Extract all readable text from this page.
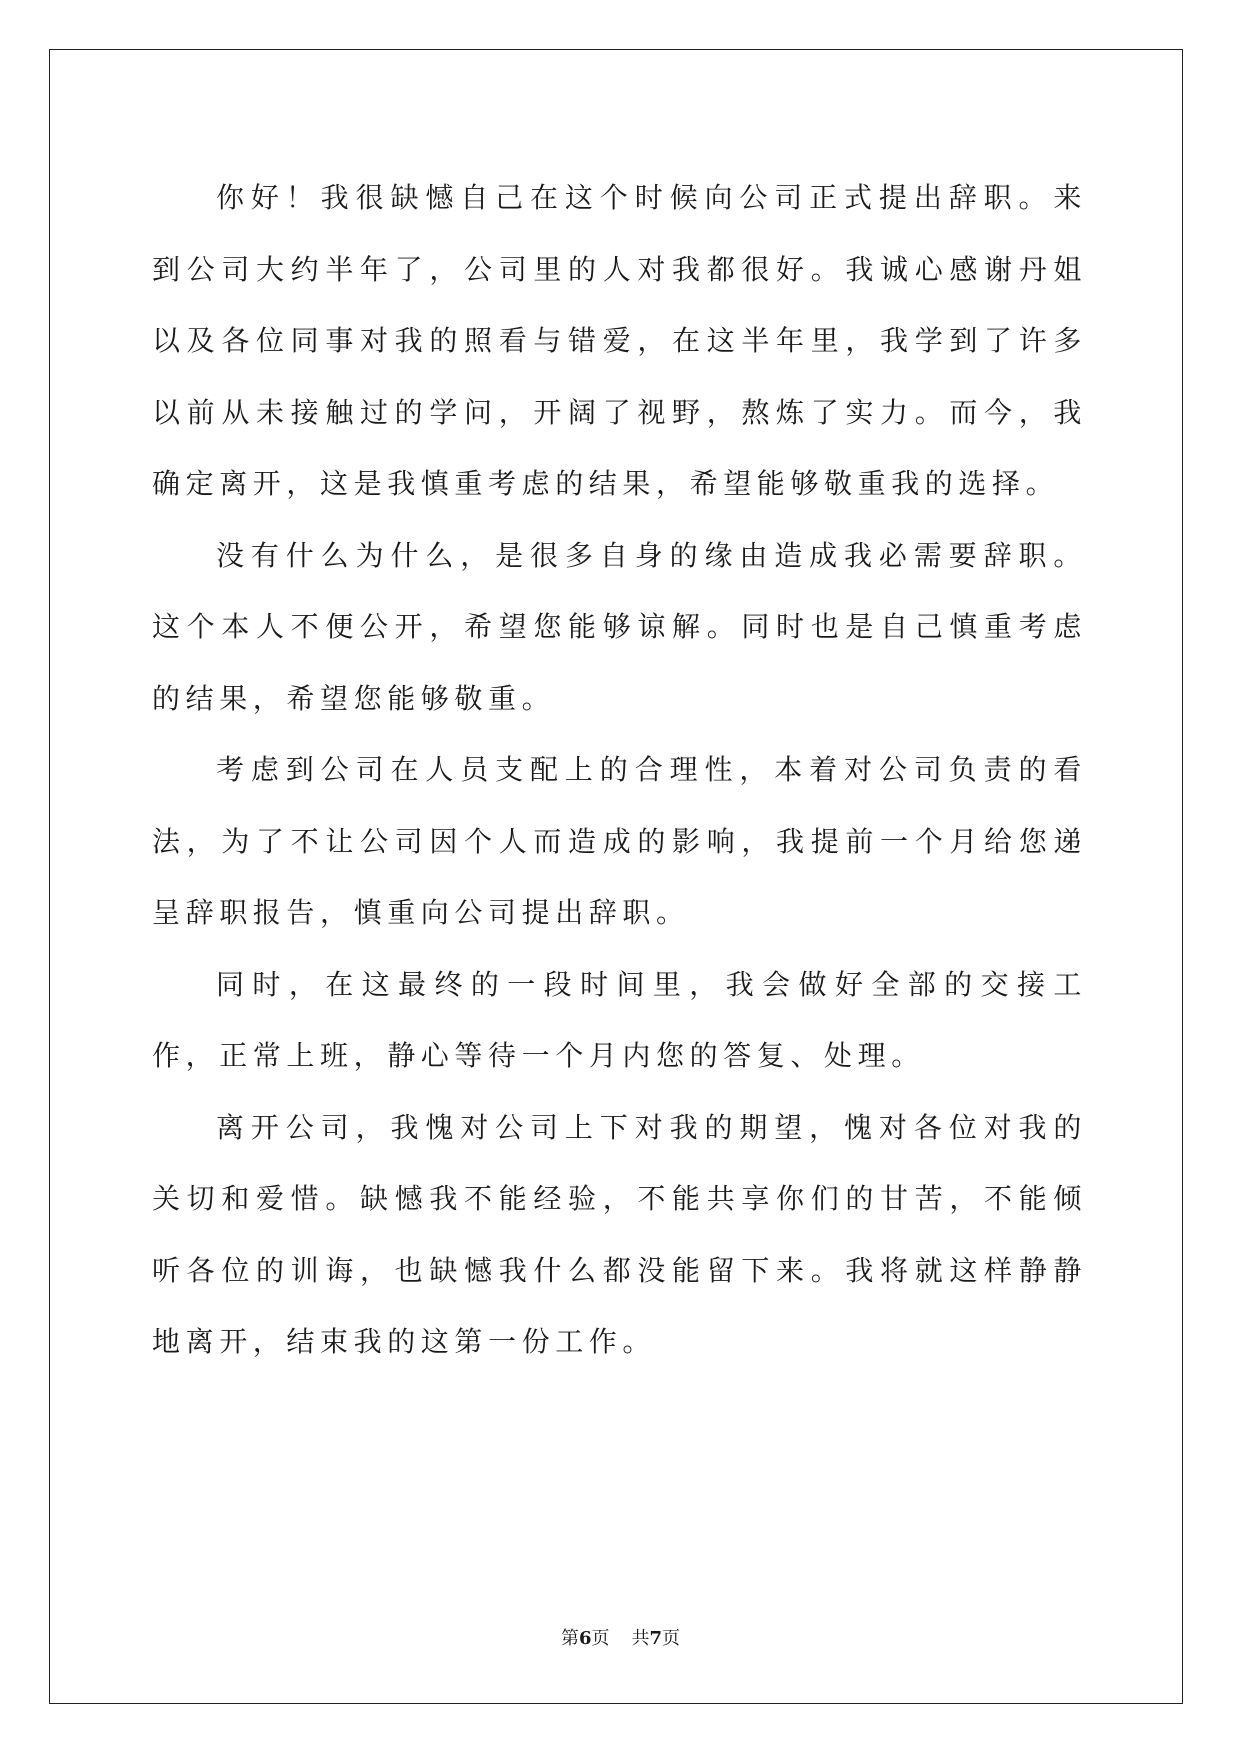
你好！我很缺憾自己在这个时候向公司正式提出辞职。来到公司大约半年了，公司里的人对我都很好。我诚心感谢丹姐以及各位同事对我的照看与错爱，在这半年里，我学到了许多以前从未接触过的学问，开阔了视野，熬炼了实力。而今，我确定离开，这是我慎重考虑的结果，希望能够敬重我的选择。

没有什么为什么，是很多自身的缘由造成我必需要辞职。这个本人不便公开，希望您能够谅解。同时也是自己慎重考虑的结果，希望您能够敬重。

考虑到公司在人员支配上的合理性，本着对公司负责的看法，为了不让公司因个人而造成的影响，我提前一个月给您递呈辞职报告，慎重向公司提出辞职。

同时，在这最终的一段时间里，我会做好全部的交接工作，正常上班，静心等待一个月内您的答复、处理。

离开公司，我愧对公司上下对我的期望，愧对各位对我的关切和爱惜。缺憾我不能经验，不能共享你们的甘苦，不能倾听各位的训诲，也缺憾我什么都没能留下来。我将就这样静静地离开，结束我的这第一份工作。

第6页 共7页
